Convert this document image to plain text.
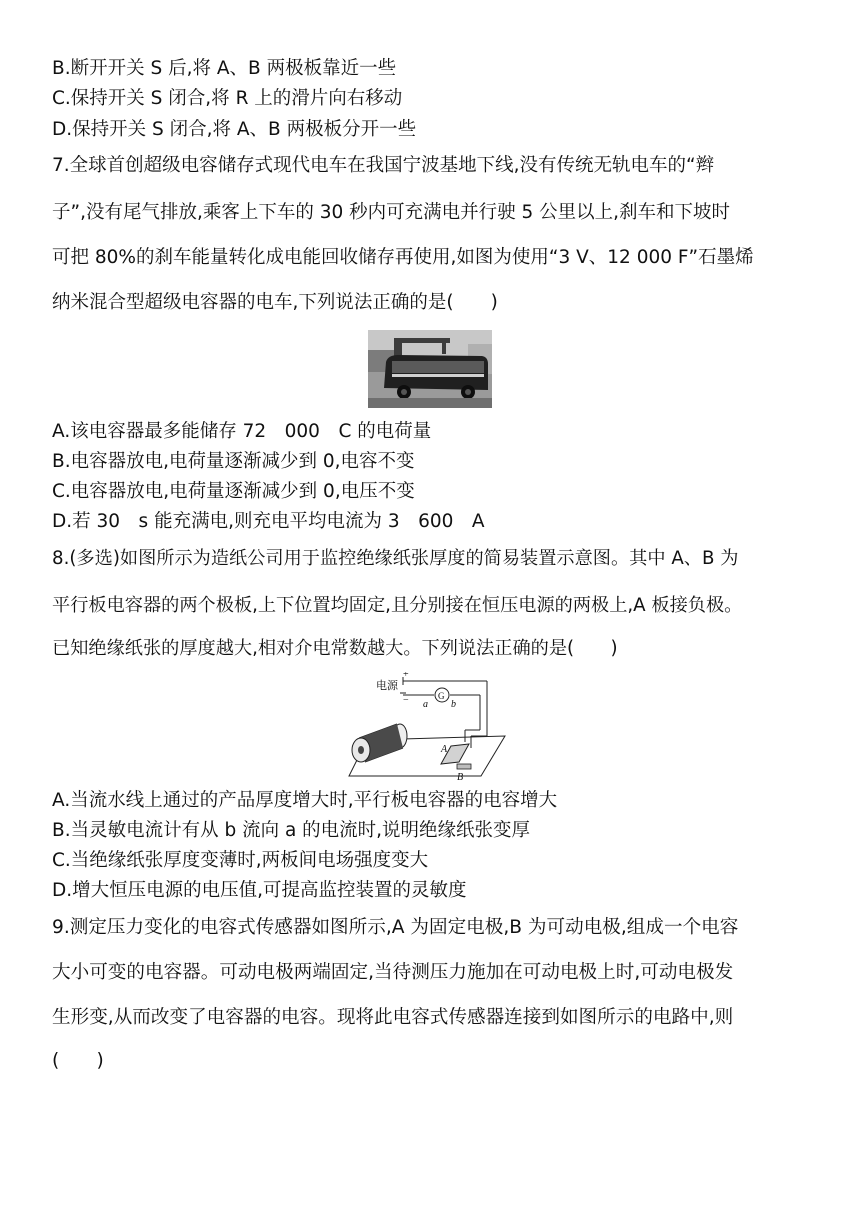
B.断开开关 S 后,将 A、B 两极板靠近一些
C.保持开关 S 闭合,将 R 上的滑片向右移动
D.保持开关 S 闭合,将 A、B 两极板分开一些
7.全球首创超级电容储存式现代电车在我国宁波基地下线,没有传统无轨电车的“辫
子”,没有尾气排放,乘客上下车的 30 秒内可充满电并行驶 5 公里以上,刹车和下坡时
可把 80%的刹车能量转化成电能回收储存再使用,如图为使用“3 V、12 000 F”石墨烯
纳米混合型超级电容器的电车,下列说法正确的是(　　)
A.该电容器最多能储存 72　000　C 的电荷量
B.电容器放电,电荷量逐渐减少到 0,电容不变
C.电容器放电,电荷量逐渐减少到 0,电压不变
D.若 30　s 能充满电,则充电平均电流为 3　600　A
8.(多选)如图所示为造纸公司用于监控绝缘纸张厚度的简易装置示意图。其中 A、B 为
平行板电容器的两个极板,上下位置均固定,且分别接在恒压电源的两极上,A 板接负极。
已知绝缘纸张的厚度越大,相对介电常数越大。下列说法正确的是(　　)
电源
+
−	G
a b
A
B
A.当流水线上通过的产品厚度增大时,平行板电容器的电容增大
B.当灵敏电流计有从 b 流向 a 的电流时,说明绝缘纸张变厚
C.当绝缘纸张厚度变薄时,两板间电场强度变大
D.增大恒压电源的电压值,可提高监控装置的灵敏度
9.测定压力变化的电容式传感器如图所示,A 为固定电极,B 为可动电极,组成一个电容
大小可变的电容器。可动电极两端固定,当待测压力施加在可动电极上时,可动电极发
生形变,从而改变了电容器的电容。现将此电容式传感器连接到如图所示的电路中,则
(　　)
